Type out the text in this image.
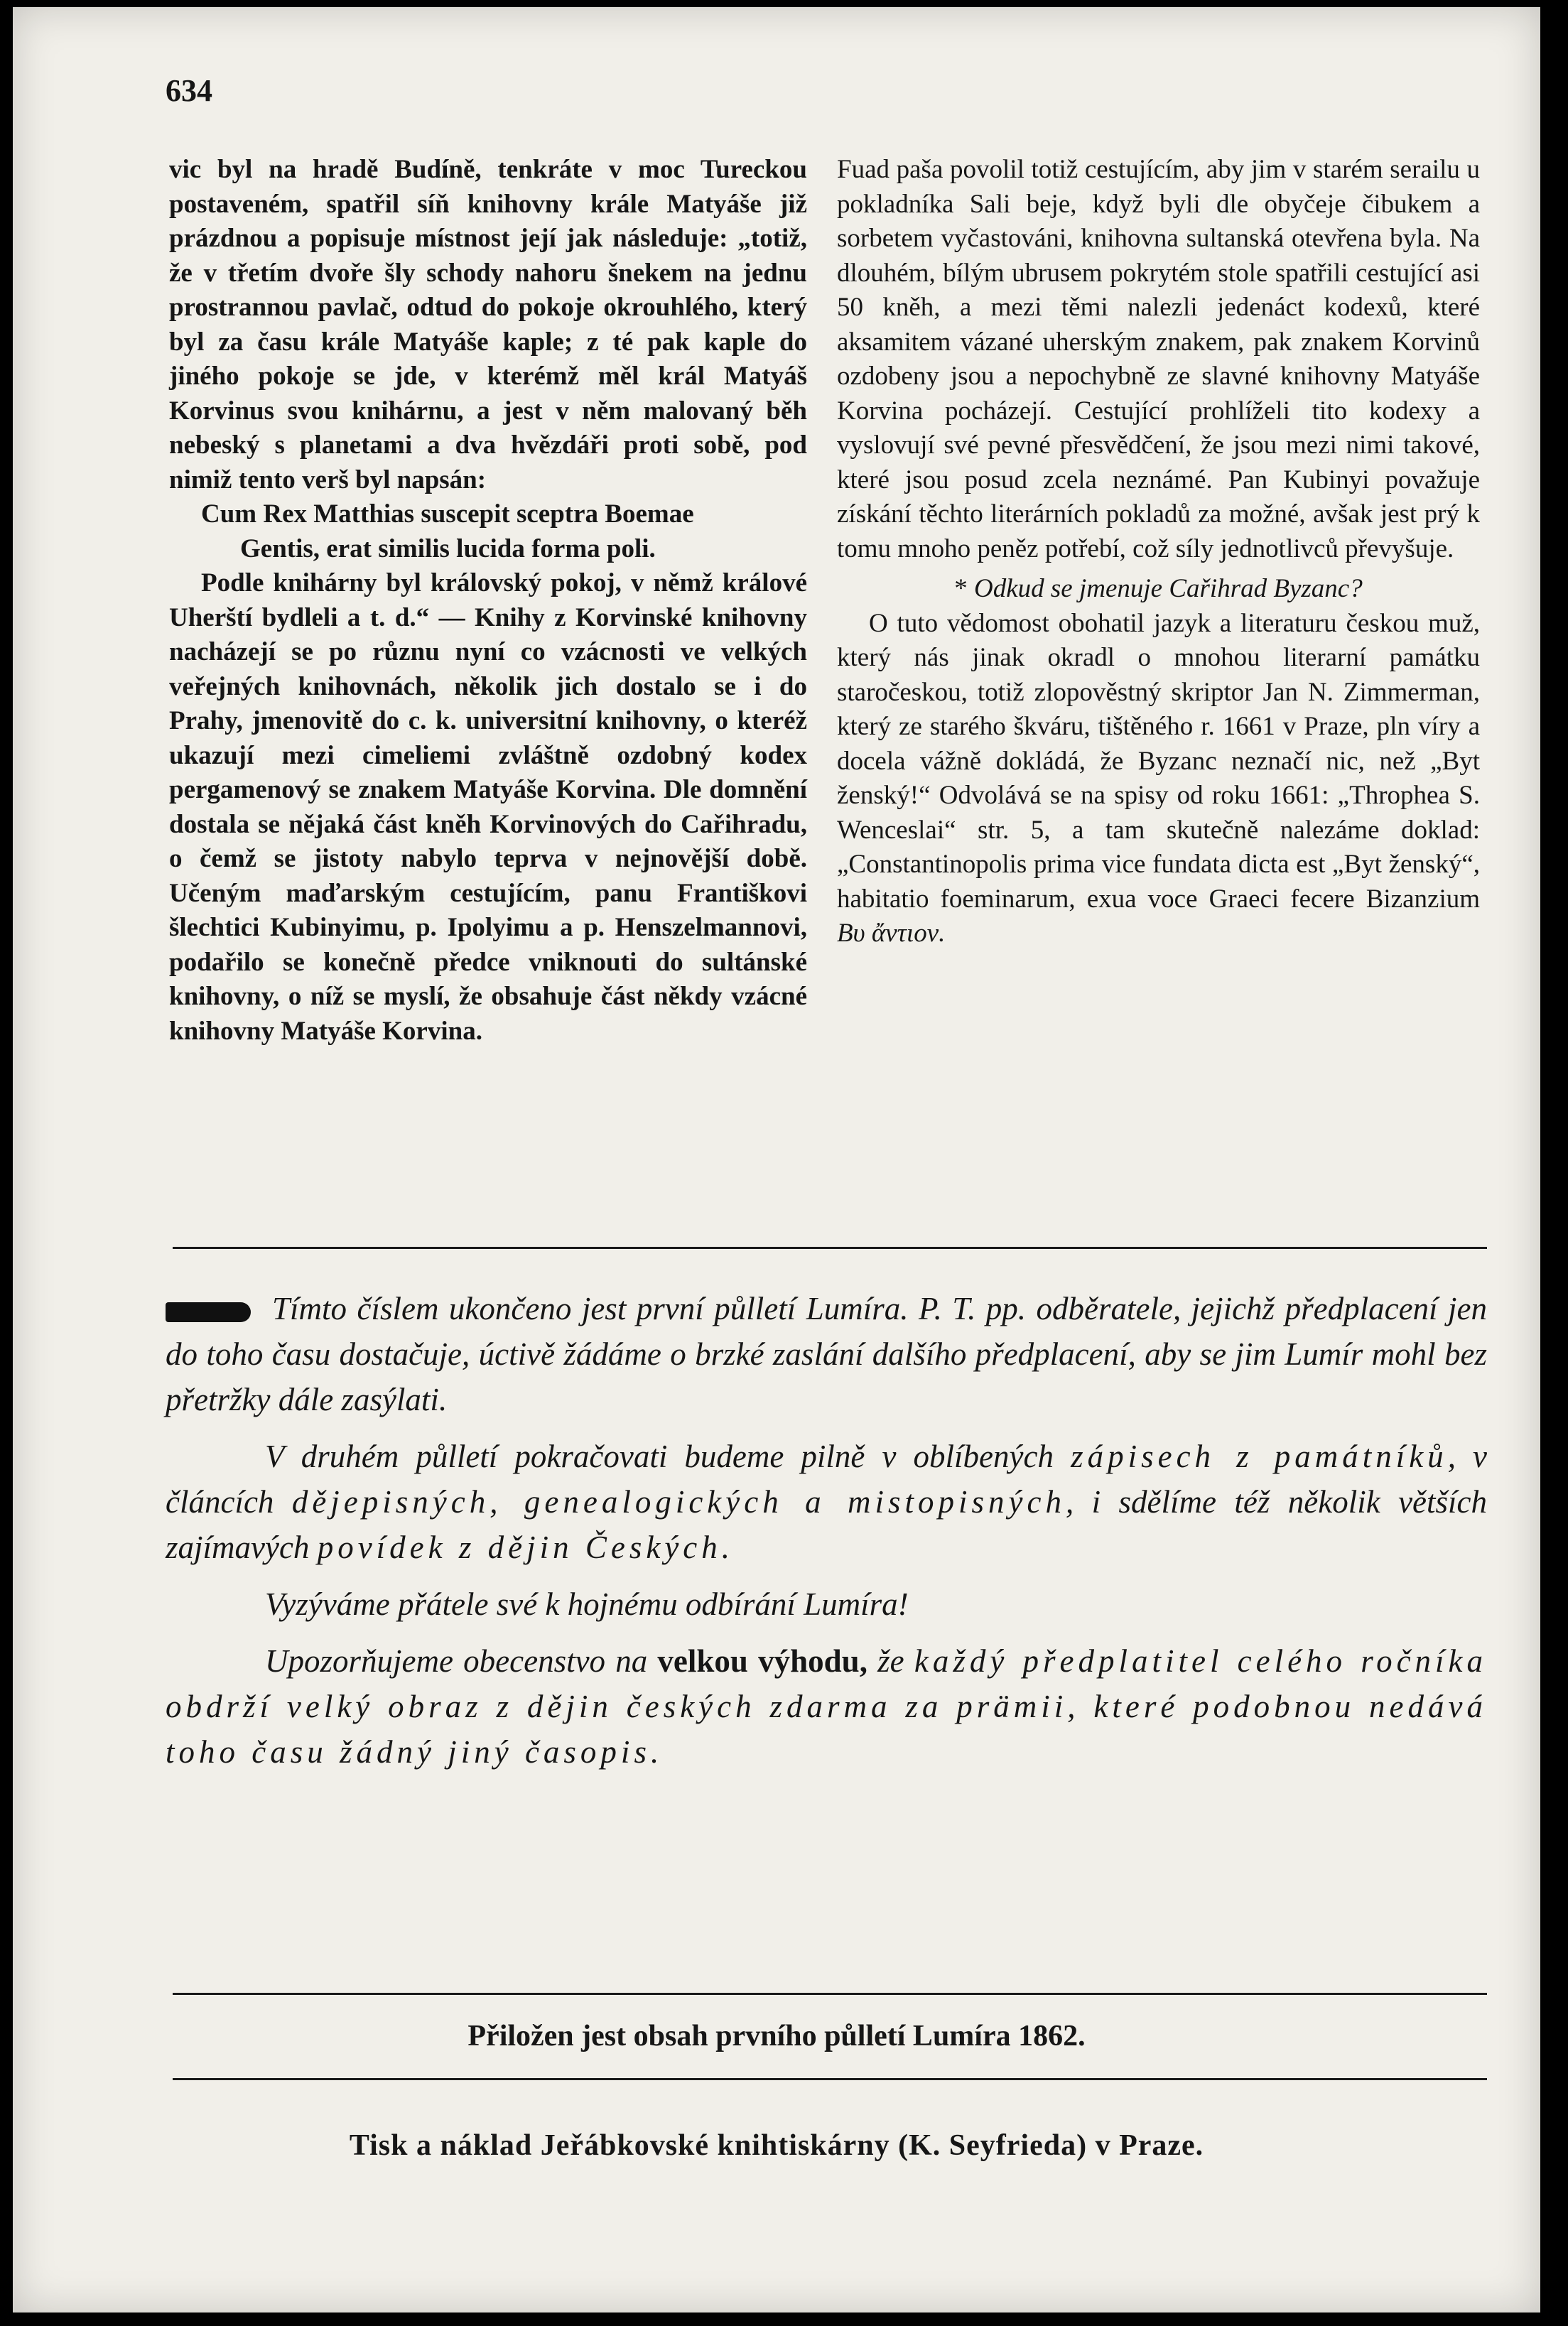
634

vic byl na hradě Budíně, tenkráte v moc Tureckou postaveném, spatřil síň knihovny krále Matyáše již prázdnou a popisuje místnost její jak následuje: „totiž, že v třetím dvoře šly schody nahoru šnekem na jednu prostrannou pavlač, odtud do pokoje okrouhlého, který byl za času krále Matyáše kaple; z té pak kaple do jiného pokoje se jde, v kterémž měl král Matyáš Korvinus svou knihárnu, a jest v něm malovaný běh nebeský s planetami a dva hvězdáři proti sobě, pod nimiž tento verš byl napsán:

Cum Rex Matthias suscepit sceptra Boemae
Gentis, erat similis lucida forma poli.

Podle knihárny byl královský pokoj, v němž králové Uherští bydleli a t. d.“ — Knihy z Korvinské knihovny nacházejí se po různu nyní co vzácnosti ve velkých veřejných knihovnách, několik jich dostalo se i do Prahy, jmenovitě do c. k. universitní knihovny, o kteréž ukazují mezi cimeliemi zvláštně ozdobný kodex pergamenový se znakem Matyáše Korvina. Dle domnění dostala se nějaká část kněh Korvinových do Cařihradu, o čemž se jistoty nabylo teprva v nejnovější době. Učeným maďarským cestujícím, panu Františkovi šlechtici Kubinyimu, p. Ipolyimu a p. Henszelmannovi, podařilo se konečně předce vniknouti do sultánské knihovny, o níž se myslí, že obsahuje část někdy vzácné knihovny Matyáše Korvina.

Fuad pašа povolil totiž cestujícím, aby jim v starém serailu u pokladníka Sali beje, když byli dle obyčeje čibukem a sorbetem vyčastováni, knihovna sultanská otevřena byla. Na dlouhém, bílým ubrusem pokrytém stole spatřili cestující asi 50 kněh, a mezi těmi nalezli jedenáct kodexů, které aksamitem vázané uherským znakem, pak znakem Korvinů ozdobeny jsou a nepochybně ze slavné knihovny Matyáše Korvina pocházejí. Cestující prohlíželi tito kodexy a vyslovují své pevné přesvědčení, že jsou mezi nimi takové, které jsou posud zcela neznámé. Pan Kubinyi považuje získání těchto literárních pokladů za možné, avšak jest prý k tomu mnoho peněz potřebí, což síly jednotlivců převyšuje.

* Odkud se jmenuje Cařihrad Byzanc?

O tuto vědomost obohatil jazyk a literaturu českou muž, který nás jinak okradl o mnohou literarní památku staročeskou, totiž zlopověstný skriptor Jan N. Zimmerman, který ze starého škváru, tištěného r. 1661 v Praze, pln víry a docela vážně dokládá, že Byzanc neznačí nic, než „Byt ženský!“ Odvolává se na spisy od roku 1661: „Throphea S. Wenceslai“ str. 5, a tam skutečně nalezáme doklad: „Constantinopolis prima vice fundata dicta est „Byt ženský“, habitatio foeminarum, exua voce Graeci fecere Bizanzium Bυ ἄντιον.

Tímto číslem ukončeno jest první půlletí Lumíra. P. T. pp. odběratele, jejichž předplacení jen do toho času dostačuje, úctivě žádáme o brzké zaslání dalšího předplacení, aby se jim Lumír mohl bez přetržky dále zasýlati.

V druhém půlletí pokračovati budeme pilně v oblíbených zápisech z památníků, v článcích dějepisných, genealogických a mistopisných, i sdělíme též několik větších zajímavých povídek z dějin Českých.

Vyzýváme přátele své k hojnému odbírání Lumíra!

Upozorňujeme obecenstvo na velkou výhodu, že každý předplatitel celého ročníka obdrží velký obraz z dějin českých zdarma za prämii, které podobnou nedává toho času žádný jiný časopis.

Přiložen jest obsah prvního půlletí Lumíra 1862.
Tisk a náklad Jeřábkovské knihtiskárny (K. Seyfrieda) v Praze.
